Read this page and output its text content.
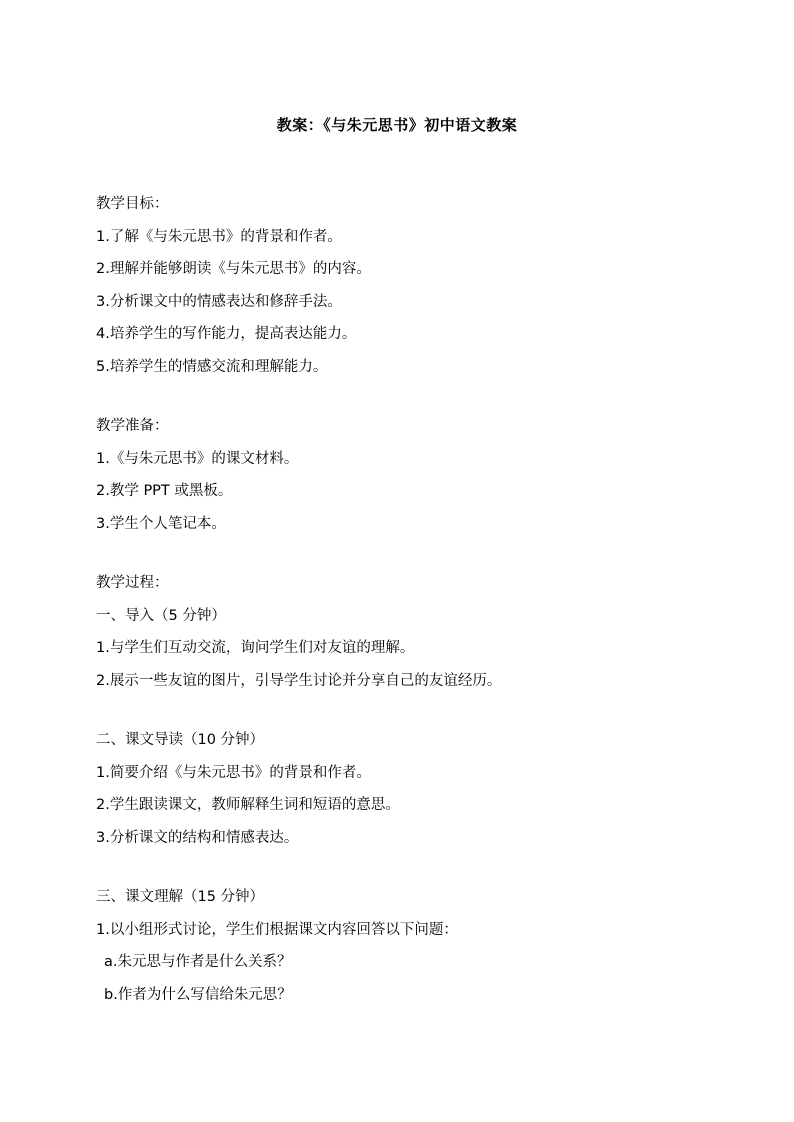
教案：《与朱元思书》初中语文教案
教学目标：
1.了解《与朱元思书》的背景和作者。
2.理解并能够朗读《与朱元思书》的内容。
3.分析课文中的情感表达和修辞手法。
4.培养学生的写作能力，提高表达能力。
5.培养学生的情感交流和理解能力。
教学准备：
1.《与朱元思书》的课文材料。
2.教学 PPT 或黑板。
3.学生个人笔记本。
教学过程：
一、导入（5 分钟）
1.与学生们互动交流，询问学生们对友谊的理解。
2.展示一些友谊的图片，引导学生讨论并分享自己的友谊经历。
二、课文导读（10 分钟）
1.简要介绍《与朱元思书》的背景和作者。
2.学生跟读课文，教师解释生词和短语的意思。
3.分析课文的结构和情感表达。
三、课文理解（15 分钟）
1.以小组形式讨论，学生们根据课文内容回答以下问题：
a.朱元思与作者是什么关系？
b.作者为什么写信给朱元思？
